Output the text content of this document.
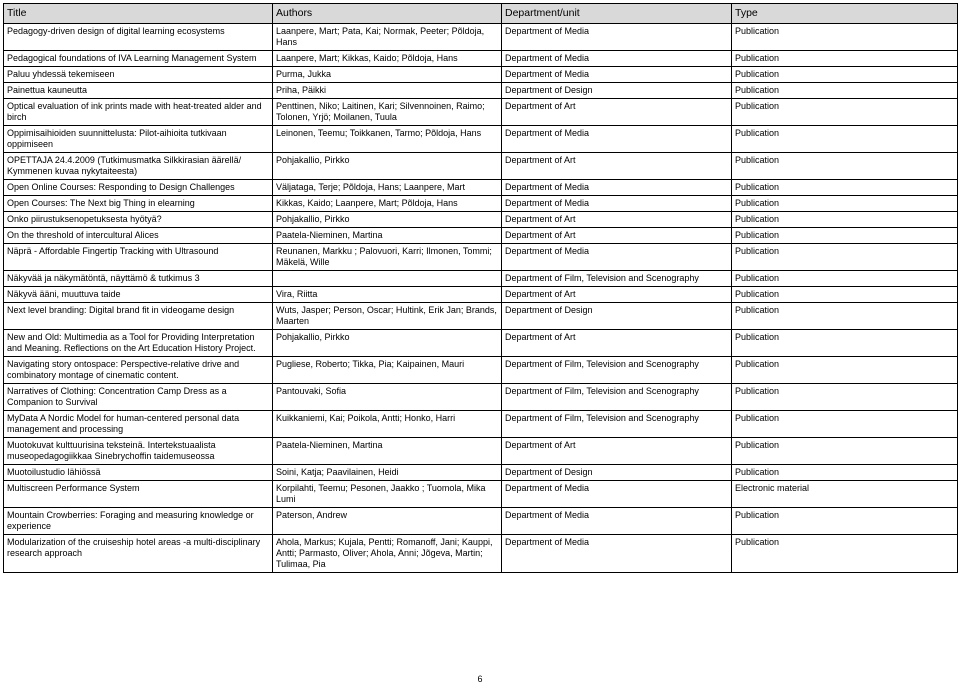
Title	Authors	Department/unit	Type
Pedagogy-driven design of digital learning ecosystems	Laanpere, Mart; Pata, Kai; Normak, Peeter; Põldoja, Hans	Department of Media	Publication
Pedagogical foundations of IVA Learning Management System	Laanpere, Mart; Kikkas, Kaido; Põldoja, Hans	Department of Media	Publication
Paluu yhdessä tekemiseen	Purma, Jukka	Department of Media	Publication
Painettua kauneutta	Priha, Päikki	Department of Design	Publication
Optical evaluation of ink prints made with heat-treated alder and birch	Penttinen, Niko; Laitinen, Kari; Silvennoinen, Raimo; Tolonen, Yrjö; Moilanen, Tuula	Department of Art	Publication
Oppimisaihioiden suunnittelusta: Pilot-aihioita tutkivaan oppimiseen	Leinonen, Teemu; Toikkanen, Tarmo; Põldoja, Hans	Department of Media	Publication
OPETTAJA 24.4.2009 (Tutkimusmatka Silkkirasian äärellä/ Kymmenen kuvaa nykytaiteesta)	Pohjakallio, Pirkko	Department of Art	Publication
Open Online Courses: Responding to Design Challenges	Väljataga, Terje; Põldoja, Hans; Laanpere, Mart	Department of Media	Publication
Open Courses: The Next big Thing in elearning	Kikkas, Kaido; Laanpere, Mart; Põldoja, Hans	Department of Media	Publication
Onko piirustuksenopetuksesta hyötyä?	Pohjakallio, Pirkko	Department of Art	Publication
On the threshold of intercultural Alices	Paatela-Nieminen, Martina	Department of Art	Publication
Näprä - Affordable Fingertip Tracking with Ultrasound	Reunanen, Markku ; Palovuori, Karri; Ilmonen, Tommi; Mäkelä, Wille	Department of Media	Publication
Näkyvää ja näkymätöntä, näyttämö & tutkimus 3		Department of Film, Television and Scenography	Publication
Näkyvä ääni, muuttuva taide	Vira, Riitta	Department of Art	Publication
Next level branding: Digital brand fit in videogame design	Wuts, Jasper; Person, Oscar; Hultink, Erik Jan; Brands, Maarten	Department of Design	Publication
New and Old: Multimedia as a Tool for Providing Interpretation and Meaning. Reflections on the Art Education History Project.	Pohjakallio, Pirkko	Department of Art	Publication
Navigating story ontospace: Perspective-relative drive and combinatory montage of cinematic content.	Pugliese, Roberto; Tikka, Pia; Kaipainen, Mauri	Department of Film, Television and Scenography	Publication
Narratives of Clothing: Concentration Camp Dress as a Companion to Survival	Pantouvaki, Sofia	Department of Film, Television and Scenography	Publication
MyData A Nordic Model for human-centered personal data management and processing	Kuikkaniemi, Kai; Poikola, Antti; Honko, Harri	Department of Film, Television and Scenography	Publication
Muotokuvat kulttuurisina teksteinä. Intertekstuaalista museopedagogiikkaa Sinebrychoffin taidemuseossa	Paatela-Nieminen, Martina	Department of Art	Publication
Muotoilustudio lähiössä	Soini, Katja; Paavilainen, Heidi	Department of Design	Publication
Multiscreen Performance System	Korpilahti, Teemu; Pesonen, Jaakko ; Tuomola, Mika Lumi	Department of Media	Electronic material
Mountain Crowberries: Foraging and measuring knowledge or experience	Paterson, Andrew	Department of Media	Publication
Modularization of the cruiseship hotel areas -a multi-disciplinary research approach	Ahola, Markus; Kujala, Pentti; Romanoff, Jani; Kauppi, Antti; Parmasto, Oliver; Ahola, Anni; Jõgeva, Martin; Tulimaa, Pia	Department of Media	Publication
6
